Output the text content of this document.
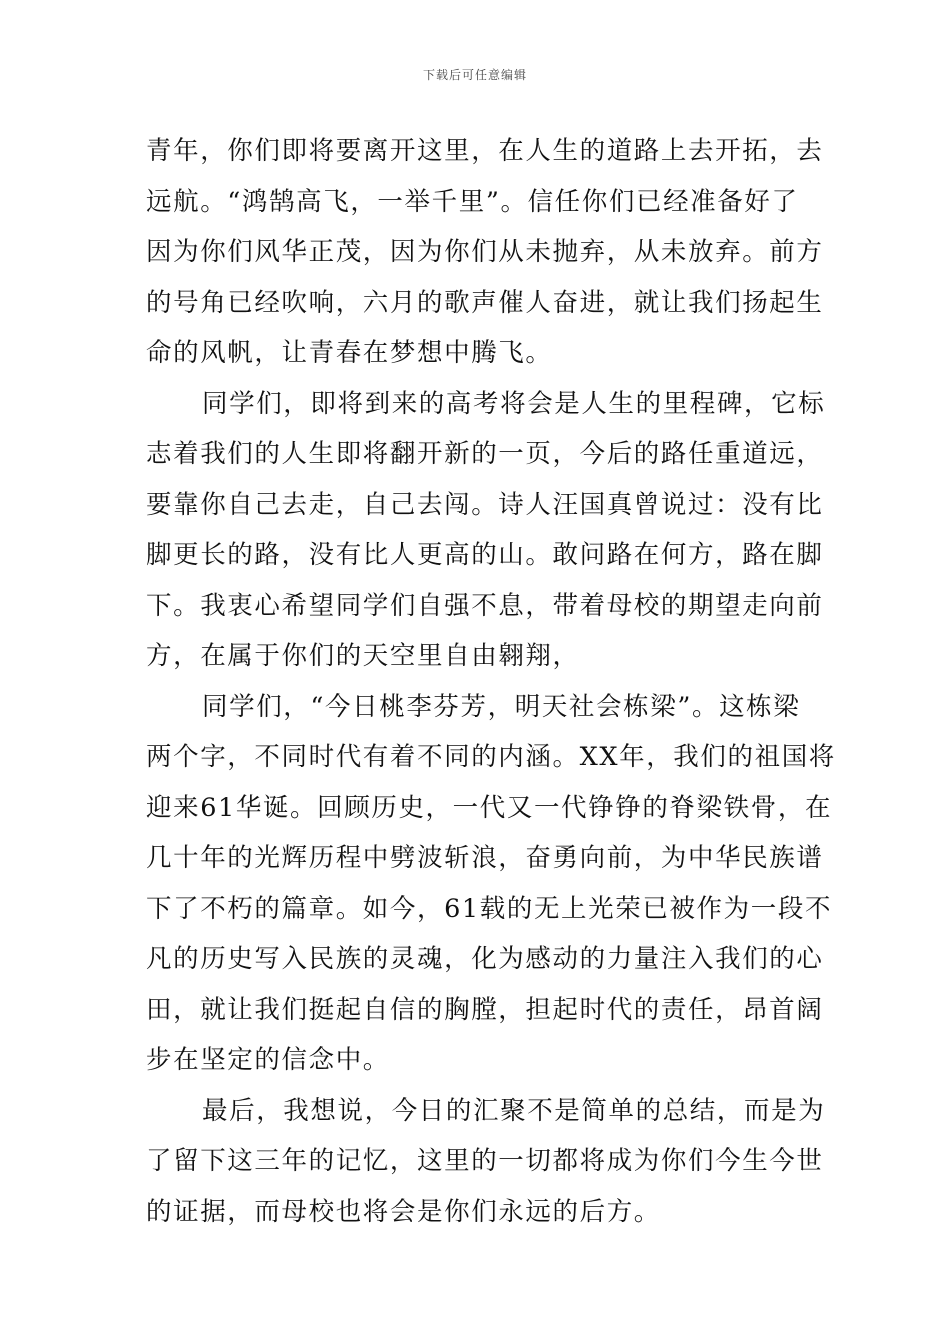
下载后可任意编辑
青年，你们即将要离开这里，在人生的道路上去开拓，去
远航。“鸿鹄高飞，一举千里”。信任你们已经准备好了
因为你们风华正茂，因为你们从未抛弃，从未放弃。前方
的号角已经吹响，六月的歌声催人奋进，就让我们扬起生
命的风帆，让青春在梦想中腾飞。
同学们，即将到来的高考将会是人生的里程碑，它标
志着我们的人生即将翻开新的一页，今后的路任重道远，
要靠你自己去走，自己去闯。诗人汪国真曾说过：没有比
脚更长的路，没有比人更高的山。敢问路在何方，路在脚
下。我衷心希望同学们自强不息，带着母校的期望走向前
方，在属于你们的天空里自由翱翔，
同学们，“今日桃李芬芳，明天社会栋梁”。这栋梁
两个字，不同时代有着不同的内涵。XX年，我们的祖国将
迎来61华诞。回顾历史，一代又一代铮铮的脊梁铁骨，在
几十年的光辉历程中劈波斩浪，奋勇向前，为中华民族谱
下了不朽的篇章。如今，61载的无上光荣已被作为一段不
凡的历史写入民族的灵魂，化为感动的力量注入我们的心
田，就让我们挺起自信的胸膛，担起时代的责任，昂首阔
步在坚定的信念中。
最后，我想说，今日的汇聚不是简单的总结，而是为
了留下这三年的记忆，这里的一切都将成为你们今生今世
的证据，而母校也将会是你们永远的后方。
